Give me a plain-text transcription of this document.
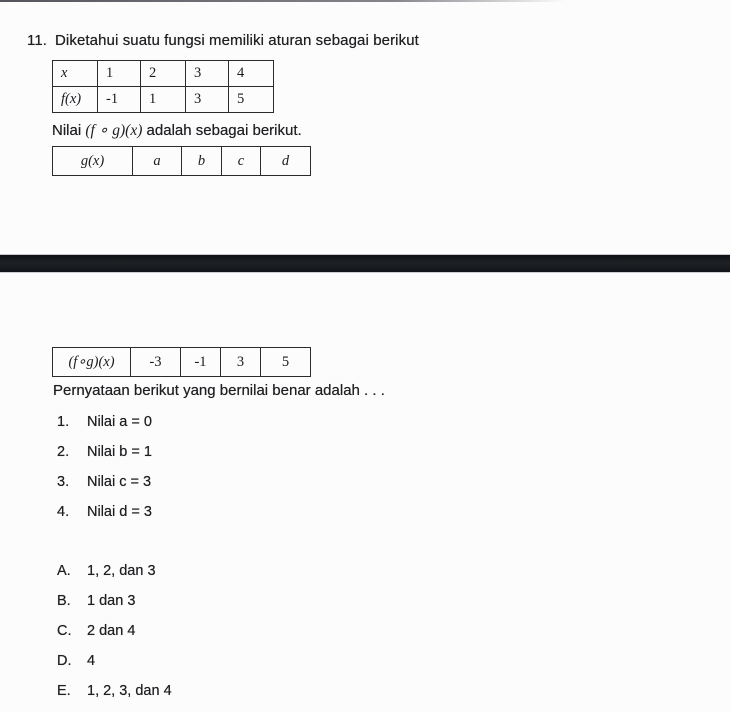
11. Diketahui suatu fungsi memiliki aturan sebagai berikut
x	1	2	3	4
f(x)	-1	1	3	5
Nilai (f ∘ g)(x) adalah sebagai berikut.
g(x)	a	b	c	d
(f∘g)(x)	-3	-1	3	5
Pernyataan berikut yang bernilai benar adalah . . .
1. Nilai a = 0
2. Nilai b = 1
3. Nilai c = 3
4. Nilai d = 3
A. 1, 2, dan 3
B. 1 dan 3
C. 2 dan 4
D. 4
E. 1, 2, 3, dan 4
